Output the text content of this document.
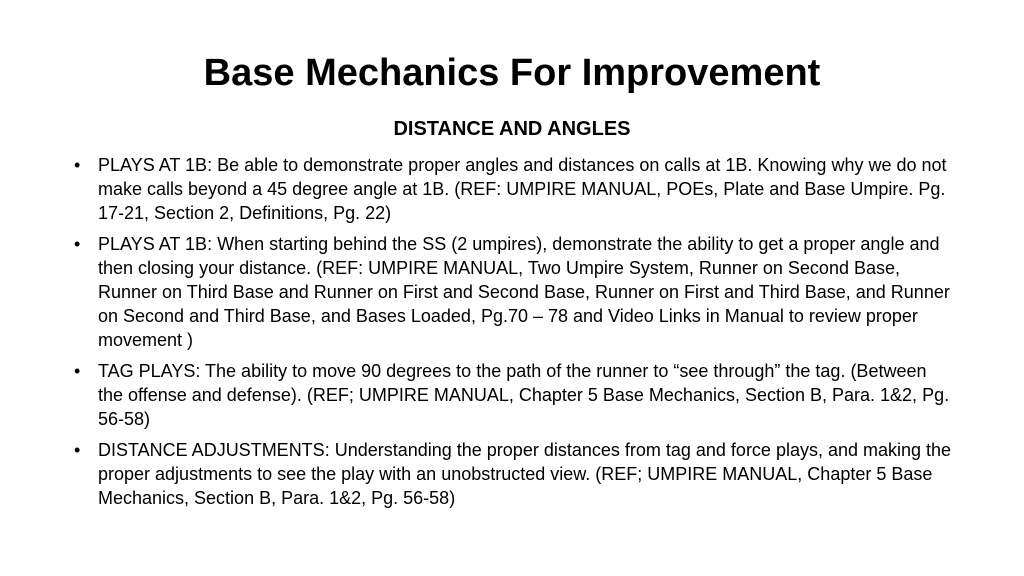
Base Mechanics For Improvement
DISTANCE AND ANGLES
• PLAYS AT 1B: Be able to demonstrate proper angles and distances on calls at 1B. Knowing why we do not make calls beyond a 45 degree angle at 1B. (REF: UMPIRE MANUAL, POEs, Plate and Base Umpire. Pg. 17-21, Section 2, Definitions, Pg. 22)
• PLAYS AT 1B: When starting behind the SS (2 umpires), demonstrate the ability to get a proper angle and then closing your distance. (REF: UMPIRE MANUAL, Two Umpire System, Runner on Second Base, Runner on Third Base and Runner on First and Second Base, Runner on First and Third Base, and Runner on Second and Third Base, and Bases Loaded, Pg.70 – 78 and Video Links in Manual to review proper movement )
• TAG PLAYS: The ability to move 90 degrees to the path of the runner to “see through” the tag. (Between the offense and defense). (REF; UMPIRE MANUAL, Chapter 5 Base Mechanics, Section B, Para. 1&2, Pg. 56-58)
• DISTANCE ADJUSTMENTS: Understanding the proper distances from tag and force plays, and making the proper adjustments to see the play with an unobstructed view. (REF; UMPIRE MANUAL, Chapter 5 Base Mechanics, Section B, Para. 1&2, Pg. 56-58)
